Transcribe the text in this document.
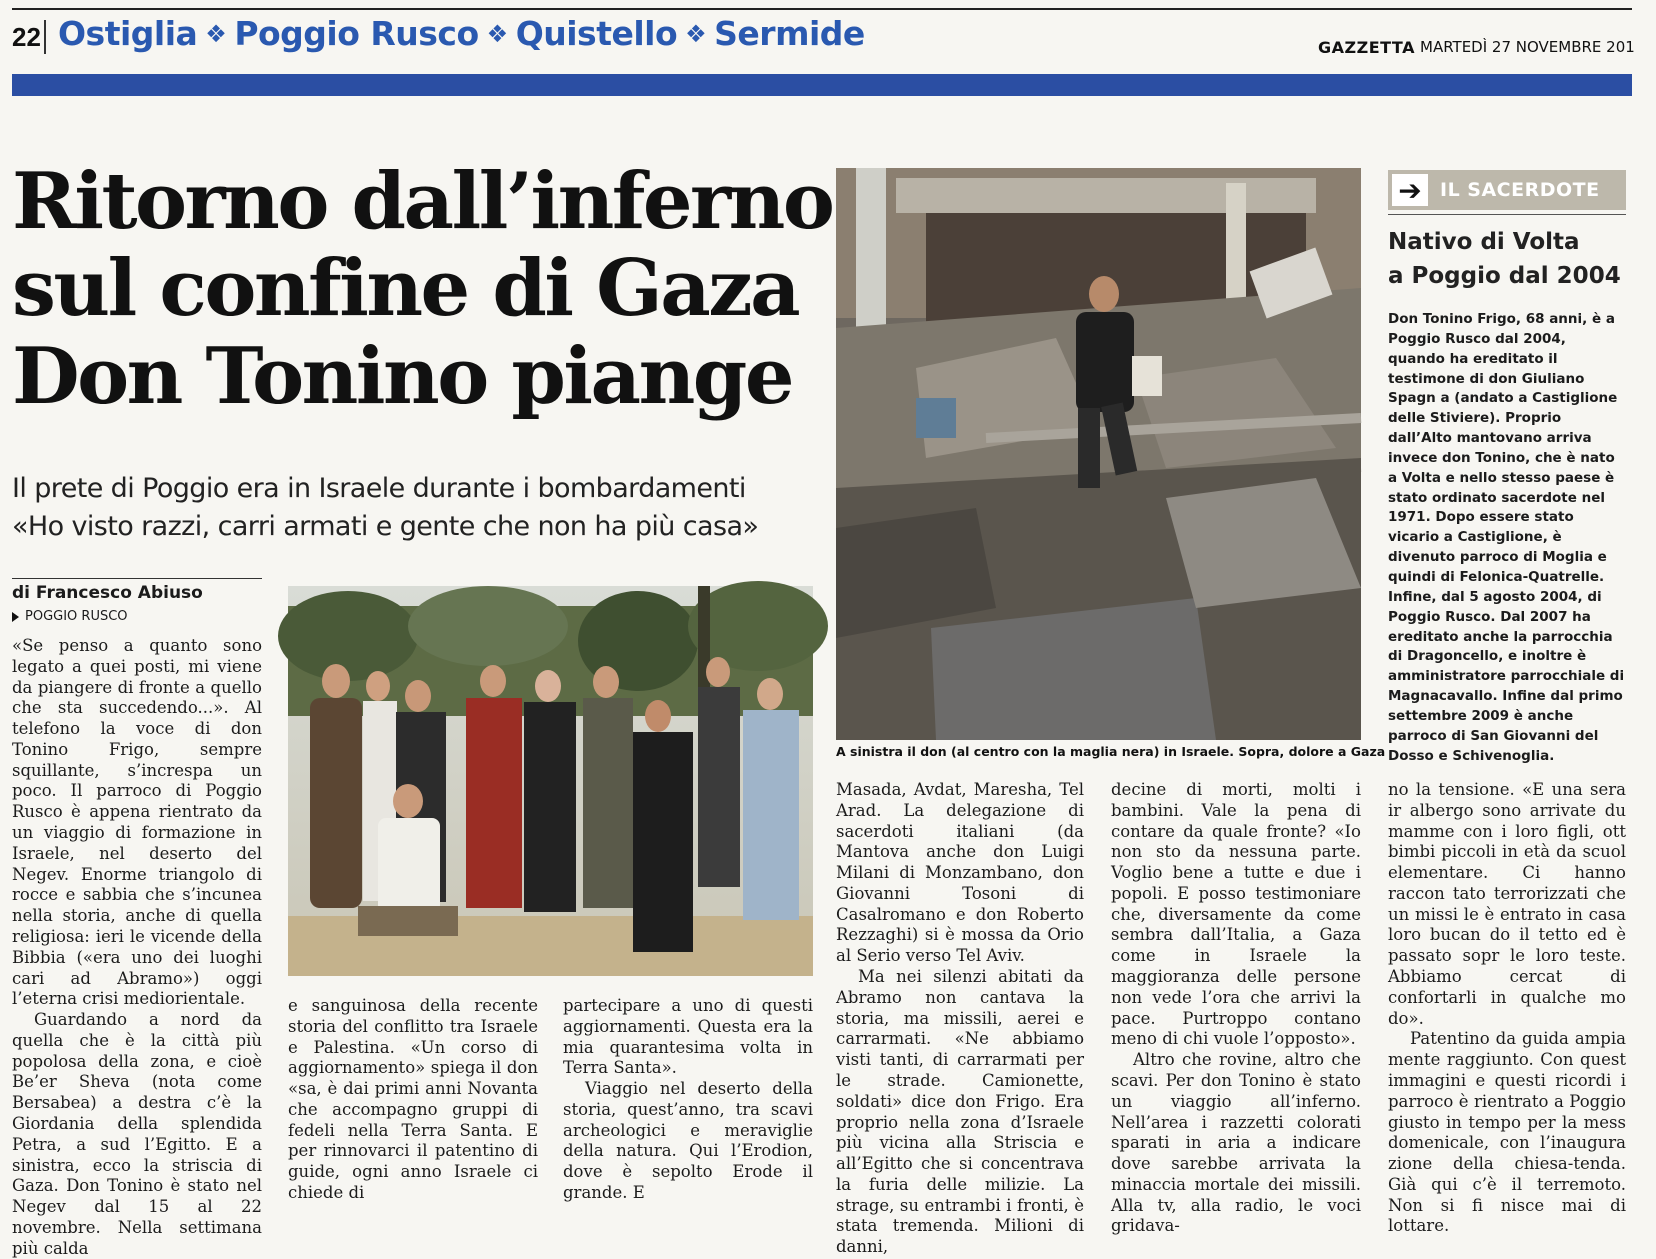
22 Ostiglia ❖ Poggio Rusco ❖ Quistello ❖ Sermide	GAZZETTA MARTEDÌ 27 NOVEMBRE 201
Ritorno dall’inferno
sul confine di Gaza
Don Tonino piange
Il prete di Poggio era in Israele durante i bombardamenti
«Ho visto razzi, carri armati e gente che non ha più casa»
di Francesco Abiuso
POGGIO RUSCO
A sinistra il don (al centro con la maglia nera) in Israele. Sopra, dolore a Gaza

«Se penso a quanto sono legato a quei posti, mi viene da piangere di fronte a quello che sta succedendo...». Al telefono la voce di don Tonino Frigo, sempre squillante, s’increspa un poco. Il parroco di Poggio Rusco è appena rientrato da un viaggio di formazione in Israele, nel deserto del Negev. Enorme triangolo di rocce e sabbia che s’incunea nella storia, anche di quella religiosa: ieri le vicende della Bibbia («era uno dei luoghi cari ad Abramo») oggi l’eterna crisi mediorientale.

Guardando a nord da quella che è la città più popolosa della zona, e cioè Be’er Sheva (nota come Bersabea) a destra c’è la Giordania della splendida Petra, a sud l’Egitto. E a sinistra, ecco la striscia di Gaza. Don Tonino è stato nel Negev dal 15 al 22 novembre. Nella settimana più calda

e sanguinosa della recente storia del conflitto tra Israele e Palestina. «Un corso di aggiornamento» spiega il don «sa, è dai primi anni Novanta che accompagno gruppi di fedeli nella Terra Santa. E per rinnovarci il patentino di guide, ogni anno Israele ci chiede di

partecipare a uno di questi aggiornamenti. Questa era la mia quarantesima volta in Terra Santa».

Viaggio nel deserto della storia, quest’anno, tra scavi archeologici e meraviglie della natura. Qui l’Erodion, dove è sepolto Erode il grande. E

Masada, Avdat, Maresha, Tel Arad. La delegazione di sacerdoti italiani (da Mantova anche don Luigi Milani di Monzambano, don Giovanni Tosoni di Casalromano e don Roberto Rezzaghi) si è mossa da Orio al Serio verso Tel Aviv.

Ma nei silenzi abitati da Abramo non cantava la storia, ma missili, aerei e carrarmati. «Ne abbiamo visti tanti, di carrarmati per le strade. Camionette, soldati» dice don Frigo. Era proprio nella zona d’Israele più vicina alla Striscia e all’Egitto che si concentrava la furia delle milizie. La strage, su entrambi i fronti, è stata tremenda. Milioni di danni,

decine di morti, molti i bambini. Vale la pena di contare da quale fronte? «Io non sto da nessuna parte. Voglio bene a tutte e due i popoli. E posso testimoniare che, diversamente da come sembra dall’Italia, a Gaza come in Israele la maggioranza delle persone non vede l’ora che arrivi la pace. Purtroppo contano meno di chi vuole l’opposto».

Altro che rovine, altro che scavi. Per don Tonino è stato un viaggio all’inferno. Nell’area i razzetti colorati sparati in aria a indicare dove sarebbe arrivata la minaccia mortale dei missili. Alla tv, alla radio, le voci gridava-

no la tensione. «E una sera ir albergo sono arrivate du mamme con i loro figli, ott bimbi piccoli in età da scuol elementare. Ci hanno raccon tato terrorizzati che un missi le è entrato in casa loro bucan do il tetto ed è passato sopr le loro teste. Abbiamo cercat di confortarli in qualche mo do».

Patentino da guida ampia mente raggiunto. Con quest immagini e questi ricordi i parroco è rientrato a Poggio giusto in tempo per la mess domenicale, con l’inaugura zione della chiesa-tenda. Già qui c’è il terremoto. Non si fi nisce mai di lottare.

➔ IL SACERDOTE
Nativo di Volta
a Poggio dal 2004
Don Tonino Frigo, 68 anni, è a Poggio Rusco dal 2004, quando ha ereditato il testimone di don Giuliano Spagn a (andato a Castiglione delle Stiviere). Proprio dall’Alto mantovano arriva invece don Tonino, che è nato a Volta e nello stesso paese è stato ordinato sacerdote nel 1971. Dopo essere stato vicario a Castiglione, è divenuto parroco di Moglia e quindi di Felonica-Quatrelle. Infine, dal 5 agosto 2004, di Poggio Rusco. Dal 2007 ha ereditato anche la parrocchia di Dragoncello, e inoltre è amministratore parrocchiale di Magnacavallo. Infine dal primo settembre 2009 è anche parroco di San Giovanni del Dosso e Schivenoglia.
